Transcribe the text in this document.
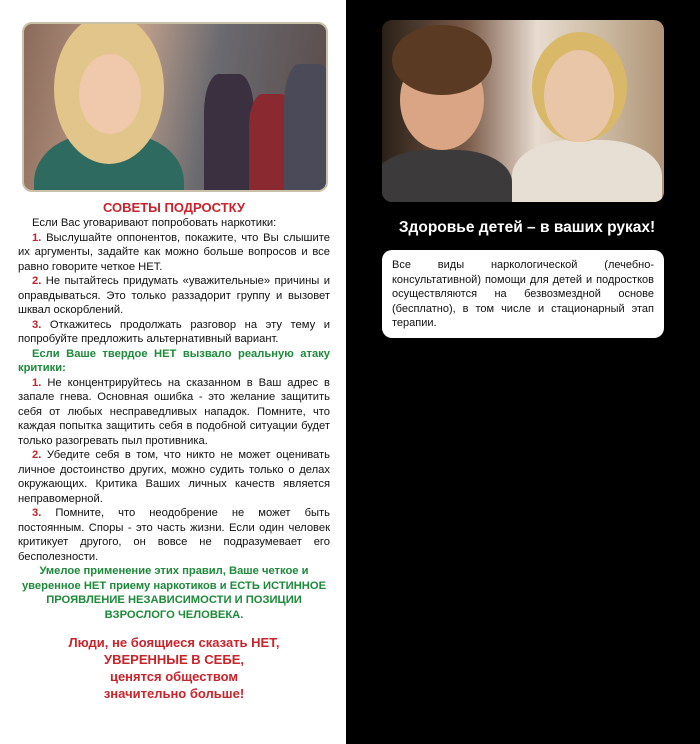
СОВЕТЫ ПОДРОСТКУ

Если Вас уговаривают попробовать наркотики:

1. Выслушайте оппонентов, покажите, что Вы слышите их аргументы, задайте как можно больше вопросов и все равно говорите четкое НЕТ.

2. Не пытайтесь придумать «уважительные» причины и оправдываться. Это только раззадорит группу и вызовет шквал оскорблений.

3. Откажитесь продолжать разговор на эту тему и попробуйте предложить альтернативный вариант.

Если Ваше твердое НЕТ вызвало реальную атаку критики:

1. Не концентрируйтесь на сказанном в Ваш адрес в запале гнева. Основная ошибка - это желание защитить себя от любых несправедливых нападок. Помните, что каждая попытка защитить себя в подобной ситуации будет только разогревать пыл противника.

2. Убедите себя в том, что никто не может оценивать личное достоинство других, можно судить только о делах окружающих. Критика Ваших личных качеств является неправомерной.

3. Помните, что неодобрение не может быть постоянным. Споры - это часть жизни. Если один человек критикует другого, он вовсе не подразумевает его бесполезности.

Умелое применение этих правил, Ваше четкое и уверенное НЕТ приему наркотиков и ЕСТЬ ИСТИННОЕ ПРОЯВЛЕНИЕ НЕЗАВИСИМОСТИ И ПОЗИЦИИ ВЗРОСЛОГО ЧЕЛОВЕКА.

Люди, не боящиеся сказать НЕТ,
УВЕРЕННЫЕ В СЕБЕ,
ценятся обществом
значительно больше!
Здоровье детей – в ваших руках!
Все виды наркологической (лечебно-консультативной) помощи для детей и подростков осуществляются на безвозмездной основе (бесплатно), в том числе и стационарный этап терапии.
В случае беды
обращайтесь!
ГБУ РО «Областной клинический
наркологический диспансер»
8 (4912) 25-95-27
Прокуратура Рязанской области
8 (4912) 25-20-85
Телефон доверия УМВД России по
Рязанской области
беспоатно
круглосуточно
8(4912) 21-63-07
